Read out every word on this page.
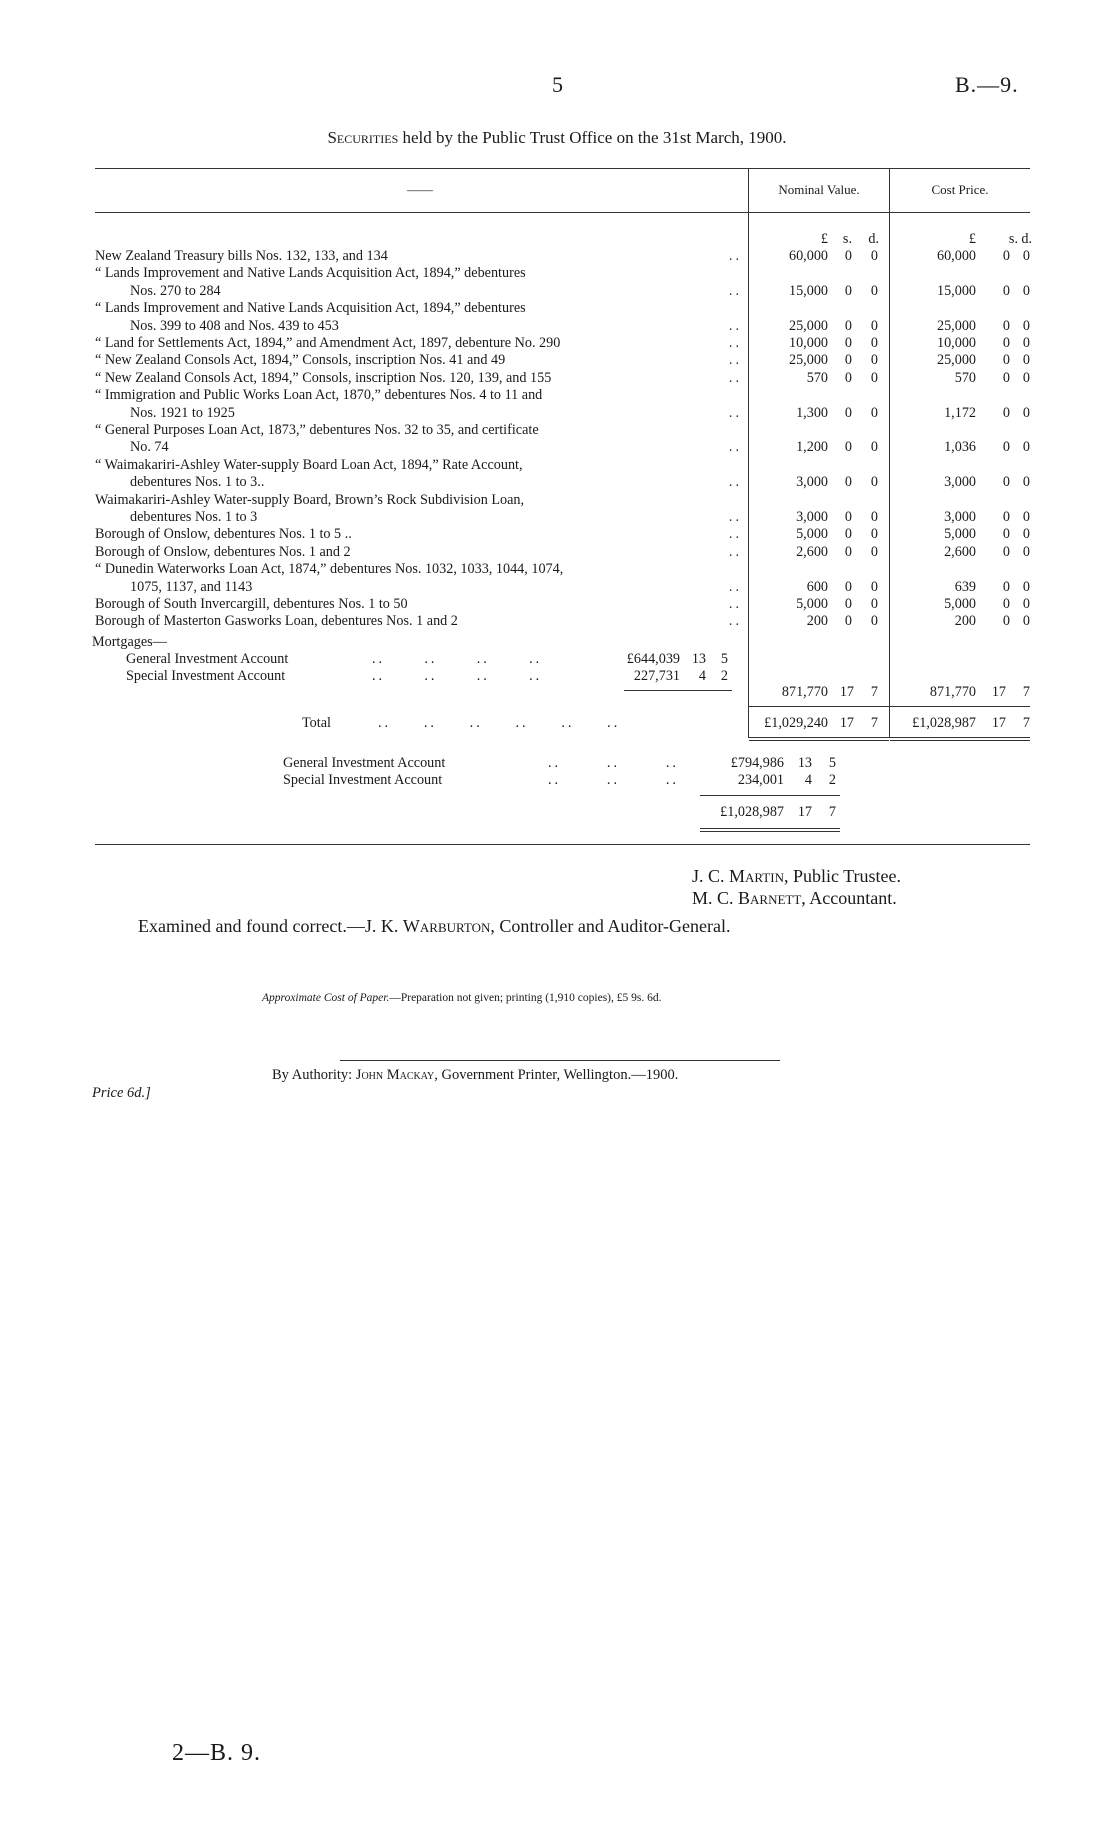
5	B.—9.
Securities held by the Public Trust Office on the 31st March, 1900.
——	Nominal Value.	Cost Price.
£	s.	d.	£	s. d.
New Zealand Treasury bills Nos. 132, 133, and 134	..	60,000	0	0	60,000	0 0
“ Lands Improvement and Native Lands Acquisition Act, 1894,” debentures
Nos. 270 to 284	..	15,000	0	0	15,000	0 0
“ Lands Improvement and Native Lands Acquisition Act, 1894,” debentures
Nos. 399 to 408 and Nos. 439 to 453	..	25,000	0	0	25,000	0 0
“ Land for Settlements Act, 1894,” and Amendment Act, 1897, debenture No. 290	..	10,000	0	0	10,000	0 0
“ New Zealand Consols Act, 1894,” Consols, inscription Nos. 41 and 49	..	25,000	0	0	25,000	0 0
“ New Zealand Consols Act, 1894,” Consols, inscription Nos. 120, 139, and 155	..	570	0	0	570	0 0
“ Immigration and Public Works Loan Act, 1870,” debentures Nos. 4 to 11 and
Nos. 1921 to 1925	..	1,300	0	0	1,172	0 0
“ General Purposes Loan Act, 1873,” debentures Nos. 32 to 35, and certificate
No. 74	..	1,200	0	0	1,036	0 0
“ Waimakariri-Ashley Water-supply Board Loan Act, 1894,” Rate Account,
debentures Nos. 1 to 3..	..	3,000	0	0	3,000	0 0
Waimakariri-Ashley Water-supply Board, Brown’s Rock Subdivision Loan,
debentures Nos. 1 to 3	..	3,000	0	0	3,000	0 0
Borough of Onslow, debentures Nos. 1 to 5 ..	..	5,000	0	0	5,000	0 0
Borough of Onslow, debentures Nos. 1 and 2	..	2,600	0	0	2,600	0 0
“ Dunedin Waterworks Loan Act, 1874,” debentures Nos. 1032, 1033, 1044, 1074,
1075, 1137, and 1143	..	600	0	0	639	0 0
Borough of South Invercargill, debentures Nos. 1 to 50	..	5,000	0	0	5,000	0 0
Borough of Masterton Gasworks Loan, debentures Nos. 1 and 2	..	200	0	0	200	0 0
Mortgages—
General Investment Account	..      ..      ..      ..	£644,039 13	5
Special Investment Account	..      ..      ..      ..	227,731	4	2
871,770 17	7	871,770	17	7
Total	..     ..     ..     ..     ..     ..	£1,029,240 17	7	£1,028,987	17	7
General Investment Account	..       ..       ..	£794,986 13	5
Special Investment Account	..       ..       ..	234,001	4	2
£1,028,987 17	7
J. C. Martin, Public Trustee.
M. C. Barnett, Accountant.
Examined and found correct.—J. K. Warburton, Controller and Auditor-General.
Approximate Cost of Paper.—Preparation not given; printing (1,910 copies), £5 9s. 6d.
By Authority: John Mackay, Government Printer, Wellington.—1900.
Price 6d.]
2—B. 9.
